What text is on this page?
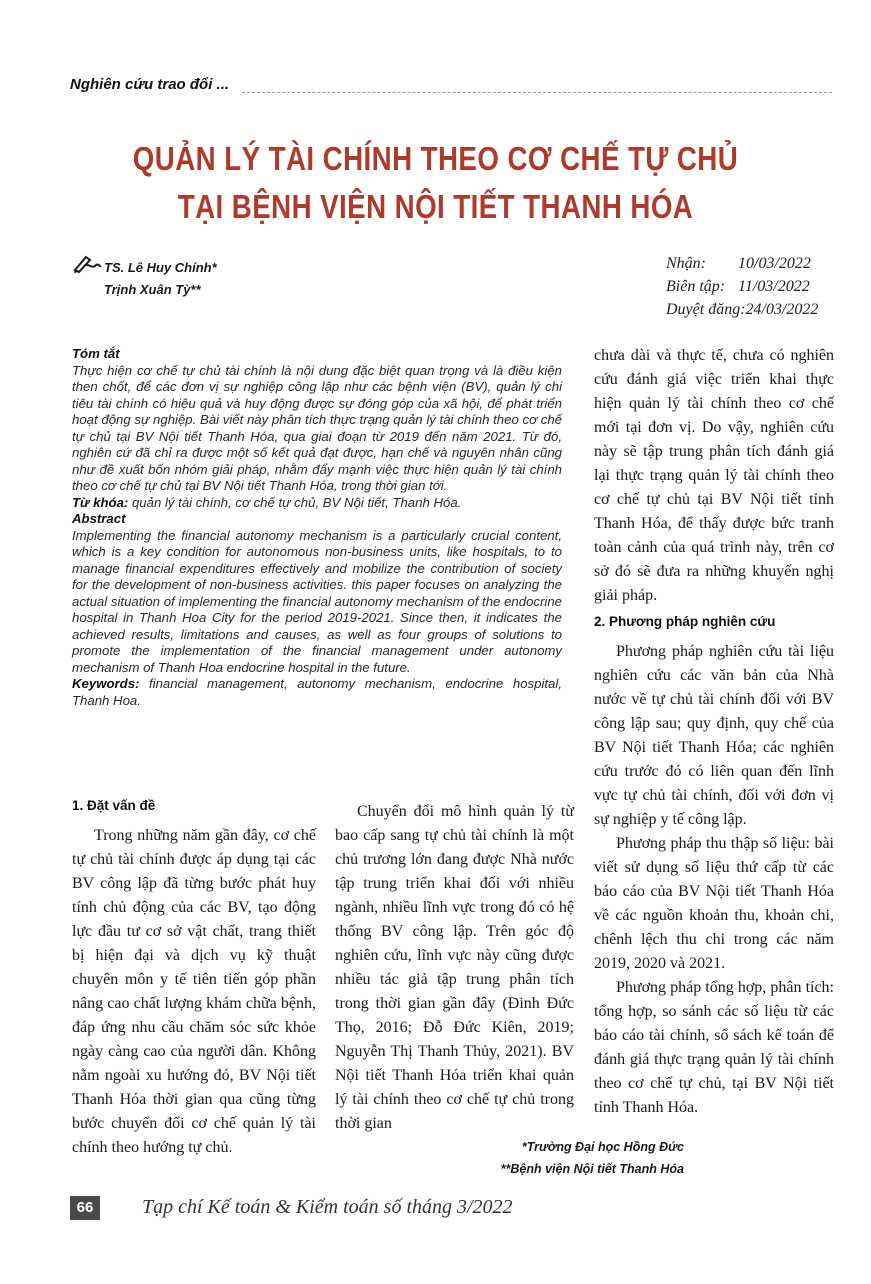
Nghiên cứu trao đổi ...
QUẢN LÝ TÀI CHÍNH THEO CƠ CHẾ TỰ CHỦ
TẠI BỆNH VIỆN NỘI TIẾT THANH HÓA
TS. Lê Huy Chính*
Trịnh Xuân Tỳ**
Nhận:	10/03/2022
Biên tập: 11/03/2022
Duyệt đăng:24/03/2022

Tóm tắt

Thực hiện cơ chế tự chủ tài chính là nội dung đặc biệt quan trọng và là điều kiện then chốt, để các đơn vị sự nghiệp công lập như các bệnh viện (BV), quản lý chi tiêu tài chính có hiệu quả và huy động được sự đóng góp của xã hội, để phát triển hoạt động sự nghiệp. Bài viết này phân tích thực trạng quản lý tài chính theo cơ chế tự chủ tại BV Nội tiết Thanh Hóa, qua giai đoạn từ 2019 đến năm 2021. Từ đó, nghiên cứ đã chỉ ra được một số kết quả đạt được, hạn chế và nguyên nhân cũng như đề xuất bốn nhóm giải pháp, nhằm đẩy mạnh việc thực hiện quản lý tài chính theo cơ chế tự chủ tại BV Nội tiết Thanh Hóa, trong thời gian tới.

Từ khóa: quản lý tài chính, cơ chế tự chủ, BV Nội tiết, Thanh Hóa.

Abstract

Implementing the financial autonomy mechanism is a particularly crucial content, which is a key condition for autonomous non-business units, like hospitals, to to manage financial expenditures effectively and mobilize the contribution of society for the development of non-business activities. this paper focuses on analyzing the actual situation of implementing the financial autonomy mechanism of the endocrine hospital in Thanh Hoa City for the period 2019-2021. Since then, it indicates the achieved results, limitations and causes, as well as four groups of solutions to promote the implementation of the financial management under autonomy mechanism of Thanh Hoa endocrine hospital in the future.

Keywords: financial management, autonomy mechanism, endocrine hospital, Thanh Hoa.

1. Đặt vấn đề

Trong những năm gần đây, cơ chế tự chủ tài chính được áp dụng tại các BV công lập đã từng bước phát huy tính chủ động của các BV, tạo động lực đầu tư cơ sở vật chất, trang thiết bị hiện đại và dịch vụ kỹ thuật chuyên môn y tế tiên tiến góp phần nâng cao chất lượng khám chữa bệnh, đáp ứng nhu cầu chăm sóc sức khỏe ngày càng cao của người dân. Không nằm ngoài xu hướng đó, BV Nội tiết Thanh Hóa thời gian qua cũng từng bước chuyển đổi cơ chế quản lý tài chính theo hướng tự chủ.

Chuyển đổi mô hình quản lý từ bao cấp sang tự chủ tài chính là một chủ trương lớn đang được Nhà nước tập trung triển khai đối với nhiều ngành, nhiều lĩnh vực trong đó có hệ thống BV công lập. Trên góc độ nghiên cứu, lĩnh vực này cũng được nhiều tác giả tập trung phân tích trong thời gian gần đây (Đinh Đức Thọ, 2016; Đỗ Đức Kiên, 2019; Nguyễn Thị Thanh Thủy, 2021). BV Nội tiết Thanh Hóa triển khai quản lý tài chính theo cơ chế tự chủ trong thời gian

chưa dài và thực tế, chưa có nghiên cứu đánh giá việc triển khai thực hiện quản lý tài chính theo cơ chế mới tại đơn vị. Do vậy, nghiên cứu này sẽ tập trung phân tích đánh giá lại thực trạng quản lý tài chính theo cơ chế tự chủ tại BV Nội tiết tỉnh Thanh Hóa, để thấy được bức tranh toàn cảnh của quá trình này, trên cơ sở đó sẽ đưa ra những khuyến nghị giải pháp.

2. Phương pháp nghiên cứu

Phương pháp nghiên cứu tài liệu nghiên cứu các văn bản của Nhà nước về tự chủ tài chính đối với BV công lập sau; quy định, quy chế của BV Nội tiết Thanh Hóa; các nghiên cứu trước đó có liên quan đến lĩnh vực tự chủ tài chính, đối với đơn vị sự nghiệp y tế công lập.

Phương pháp thu thập số liệu: bài viết sử dụng số liệu thứ cấp từ các báo cáo của BV Nội tiết Thanh Hóa về các nguồn khoản thu, khoản chi, chênh lệch thu chi trong các năm 2019, 2020 và 2021.

Phương pháp tổng hợp, phân tích: tổng hợp, so sánh các số liệu từ các báo cáo tài chính, sổ sách kế toán để đánh giá thực trạng quản lý tài chính theo cơ chế tự chủ, tại BV Nội tiết tỉnh Thanh Hóa.

*Trường Đại học Hồng Đức
**Bệnh viện Nội tiết Thanh Hóa
66	Tạp chí Kế toán & Kiểm toán số tháng 3/2022
